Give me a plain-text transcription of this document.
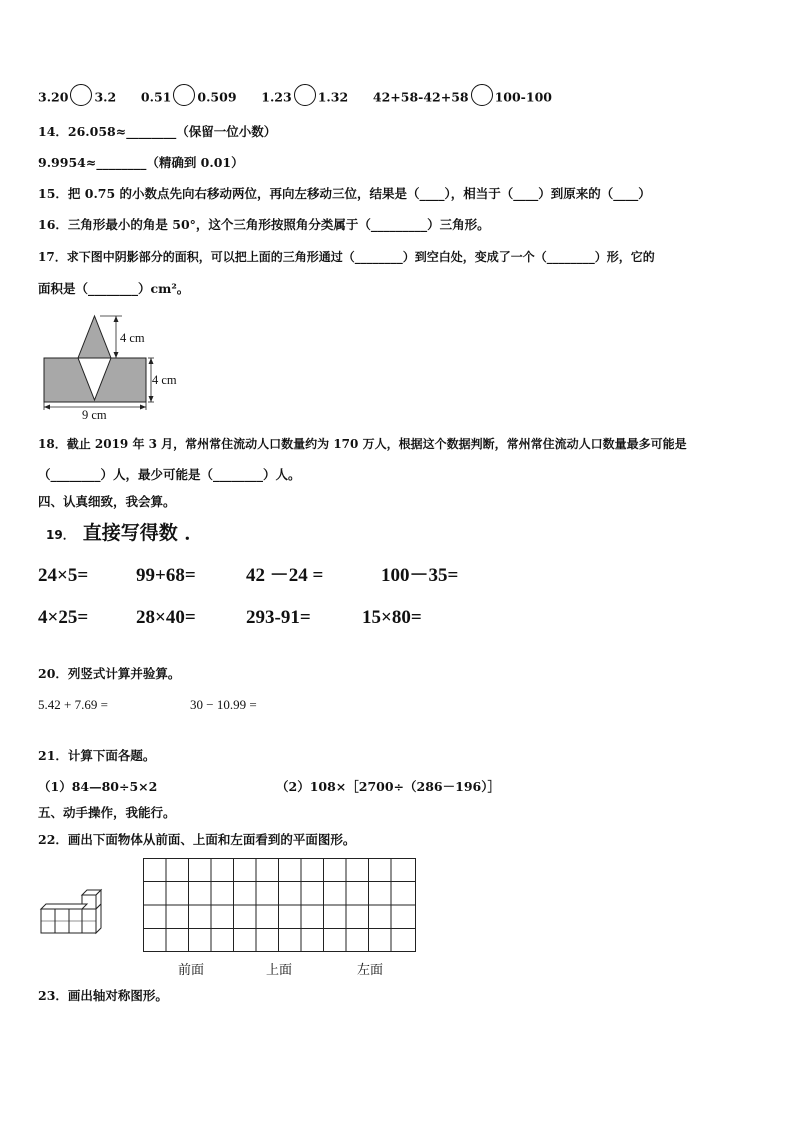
3.20 3.2 0.51 0.509 1.23 1.32 42+58-42+58 100-100
14．26.058≈________（保留一位小数）
9.9954≈________（精确到 0.01）
15．把 0.75 的小数点先向右移动两位，再向左移动三位，结果是（____），相当于（____）到原来的（____）
16．三角形最小的角是 50°，这个三角形按照角分类属于（_________）三角形。
17．求下图中阴影部分的面积，可以把上面的三角形通过（________）到空白处，变成了一个（________）形，它的
面积是（________）cm²。
4 cm
4 cm
9 cm
18．截止 2019 年 3 月，常州常住流动人口数量约为 170 万人，根据这个数据判断，常州常住流动人口数量最多可能是
（________）人，最少可能是（________）人。
四、认真细致，我会算。
19． 直接写得数 ．
24×5=	99+68=	42 －24 =	100－35=
4×25=	28×40=	293-91=	15×80=
20．列竖式计算并验算。
5.42 + 7.69 =	30 − 10.99 =
21．计算下面各题。
（1）84—80÷5×2	（2）108×［2700÷（286－196）］
五、动手操作，我能行。
22．画出下面物体从前面、上面和左面看到的平面图形。
前面	上面	左面
23．画出轴对称图形。
